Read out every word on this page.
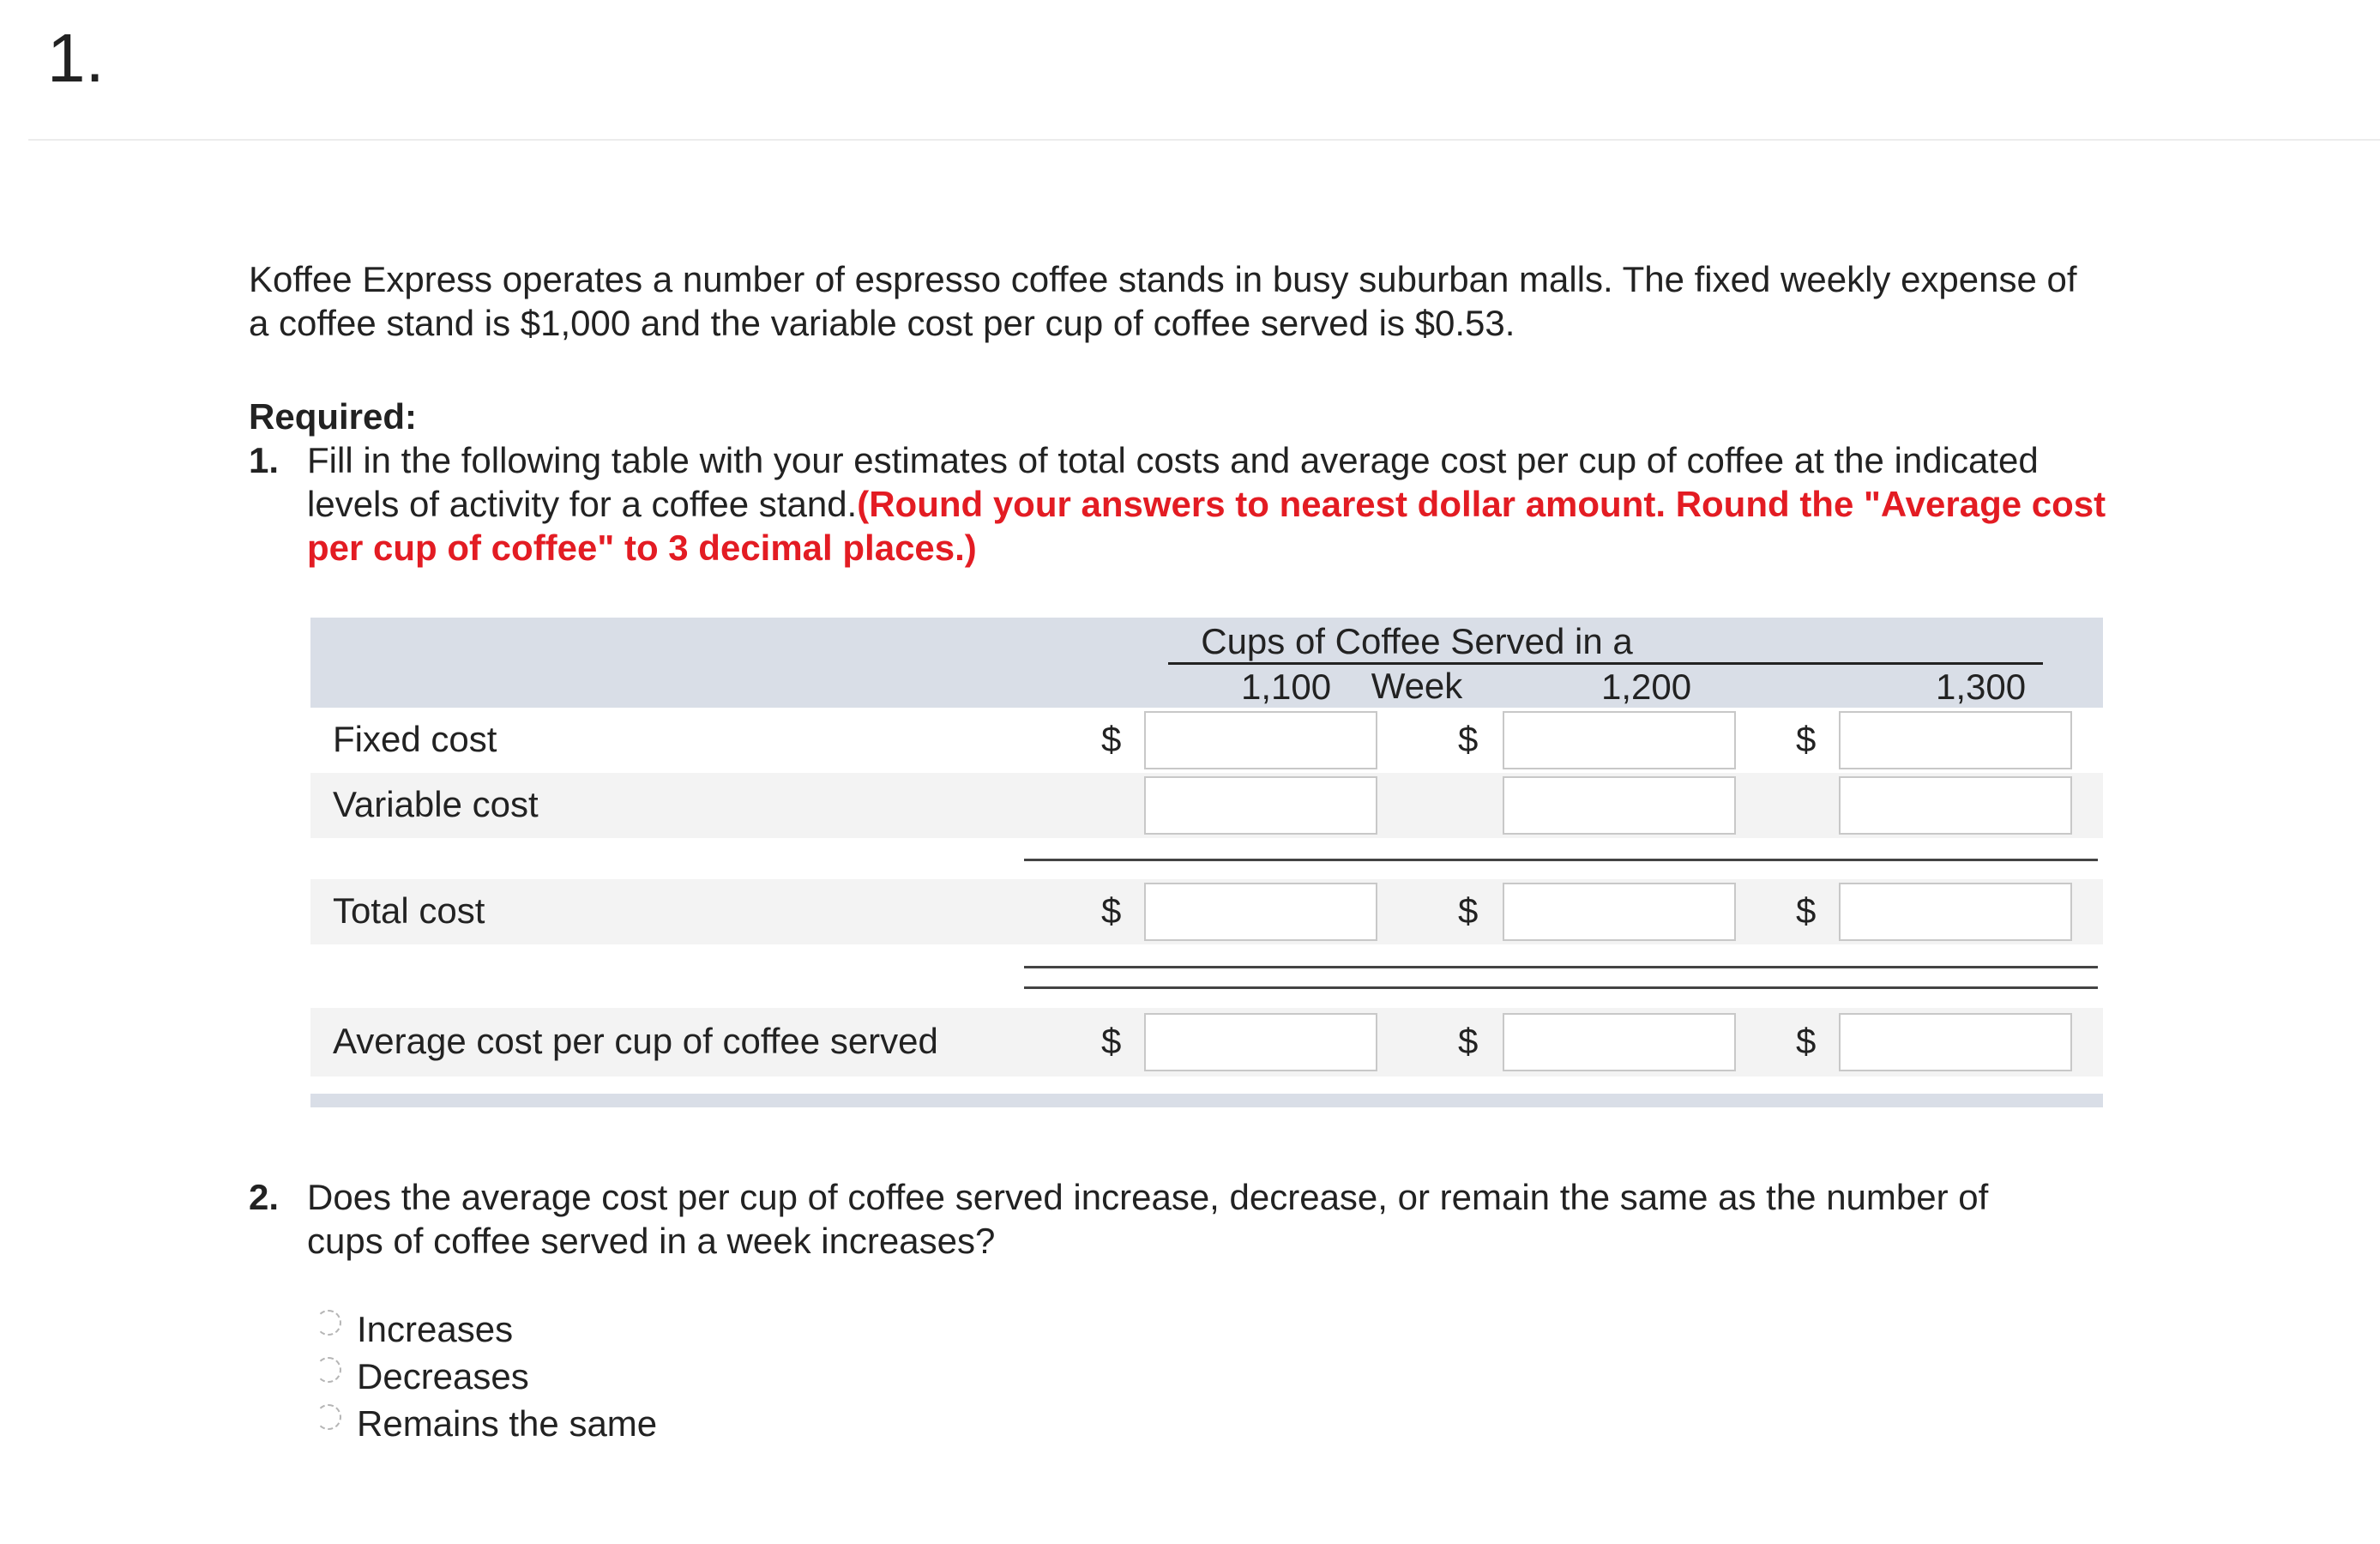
1.
Koffee Express operates a number of espresso coffee stands in busy suburban malls. The fixed weekly expense of a coffee stand is $1,000 and the variable cost per cup of coffee served is $0.53.
Required:
1. Fill in the following table with your estimates of total costs and average cost per cup of coffee at the indicated levels of activity for a coffee stand.(Round your answers to nearest dollar amount. Round the "Average cost per cup of coffee" to 3 decimal places.)
Cups of Coffee Served in a Week
1,100	1,200	1,300
Fixed cost	$	$	$
Variable cost
Total cost	$	$	$
Average cost per cup of coffee served	$	$	$
2. Does the average cost per cup of coffee served increase, decrease, or remain the same as the number of cups of coffee served in a week increases?
Increases
Decreases
Remains the same
